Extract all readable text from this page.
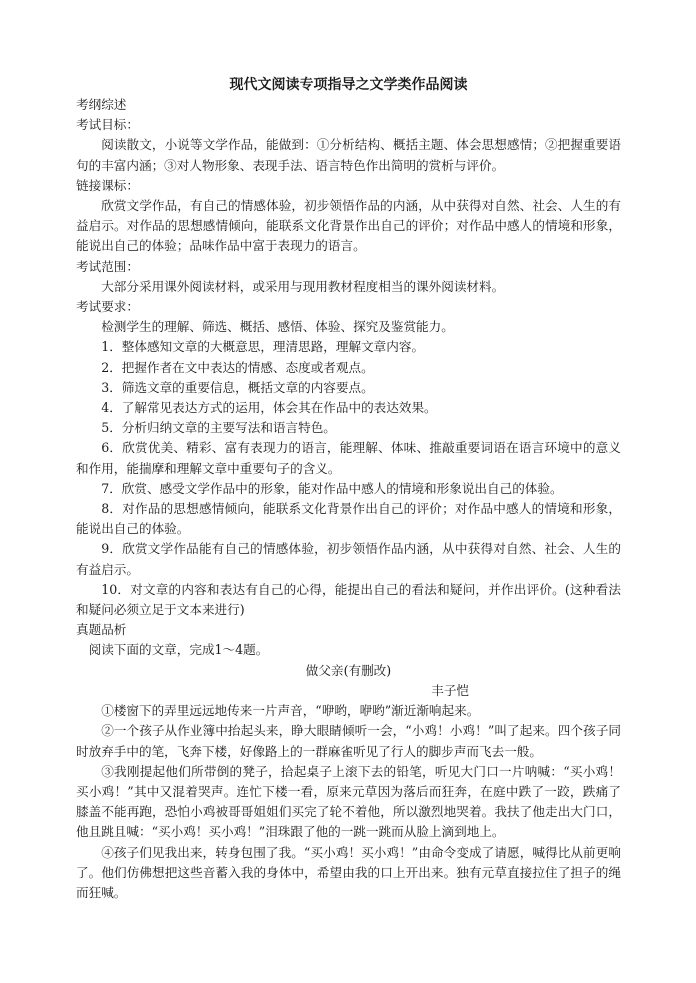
现代文阅读专项指导之文学类作品阅读

考纲综述

考试目标：

阅读散文，小说等文学作品，能做到：①分析结构、概括主题、体会思想感情；②把握重要语句的丰富内涵；③对人物形象、表现手法、语言特色作出简明的赏析与评价。

链接课标：

欣赏文学作品，有自己的情感体验，初步领悟作品的内涵，从中获得对自然、社会、人生的有益启示。对作品的思想感情倾向，能联系文化背景作出自己的评价；对作品中感人的情境和形象，能说出自己的体验；品味作品中富于表现力的语言。

考试范围：

大部分采用课外阅读材料，或采用与现用教材程度相当的课外阅读材料。

考试要求：

检测学生的理解、筛选、概括、感悟、体验、探究及鉴赏能力。

1．整体感知文章的大概意思，理清思路，理解文章内容。

2．把握作者在文中表达的情感、态度或者观点。

3．筛选文章的重要信息，概括文章的内容要点。

4．了解常见表达方式的运用，体会其在作品中的表达效果。

5．分析归纳文章的主要写法和语言特色。

6．欣赏优美、精彩、富有表现力的语言，能理解、体味、推敲重要词语在语言环境中的意义和作用，能揣摩和理解文章中重要句子的含义。

7．欣赏、感受文学作品中的形象，能对作品中感人的情境和形象说出自己的体验。

8．对作品的思想感情倾向，能联系文化背景作出自己的评价；对作品中感人的情境和形象，能说出自己的体验。

9．欣赏文学作品能有自己的情感体验，初步领悟作品内涵，从中获得对自然、社会、人生的有益启示。

10．对文章的内容和表达有自己的心得，能提出自己的看法和疑问，并作出评价。(这种看法和疑问必须立足于文本来进行)

真题品析

阅读下面的文章，完成1～4题。

做父亲(有删改)

丰子恺

①楼窗下的弄里远远地传来一片声音，“咿哟，咿哟”渐近渐响起来。

②一个孩子从作业簿中抬起头来，睁大眼睛倾听一会，“小鸡！小鸡！”叫了起来。四个孩子同时放弃手中的笔，飞奔下楼，好像路上的一群麻雀听见了行人的脚步声而飞去一般。

③我刚提起他们所带倒的凳子，拾起桌子上滚下去的铅笔，听见大门口一片呐喊：“买小鸡！买小鸡！”其中又混着哭声。连忙下楼一看，原来元草因为落后而狂奔，在庭中跌了一跤，跌痛了膝盖不能再跑，恐怕小鸡被哥哥姐姐们买完了轮不着他，所以激烈地哭着。我扶了他走出大门口，他且跳且喊：“买小鸡！买小鸡！”泪珠跟了他的一跳一跳而从脸上滴到地上。

④孩子们见我出来，转身包围了我。“买小鸡！买小鸡！”由命令变成了请愿，喊得比从前更响了。他们仿佛想把这些音蓄入我的身体中，希望由我的口上开出来。独有元草直接拉住了担子的绳而狂喊。
